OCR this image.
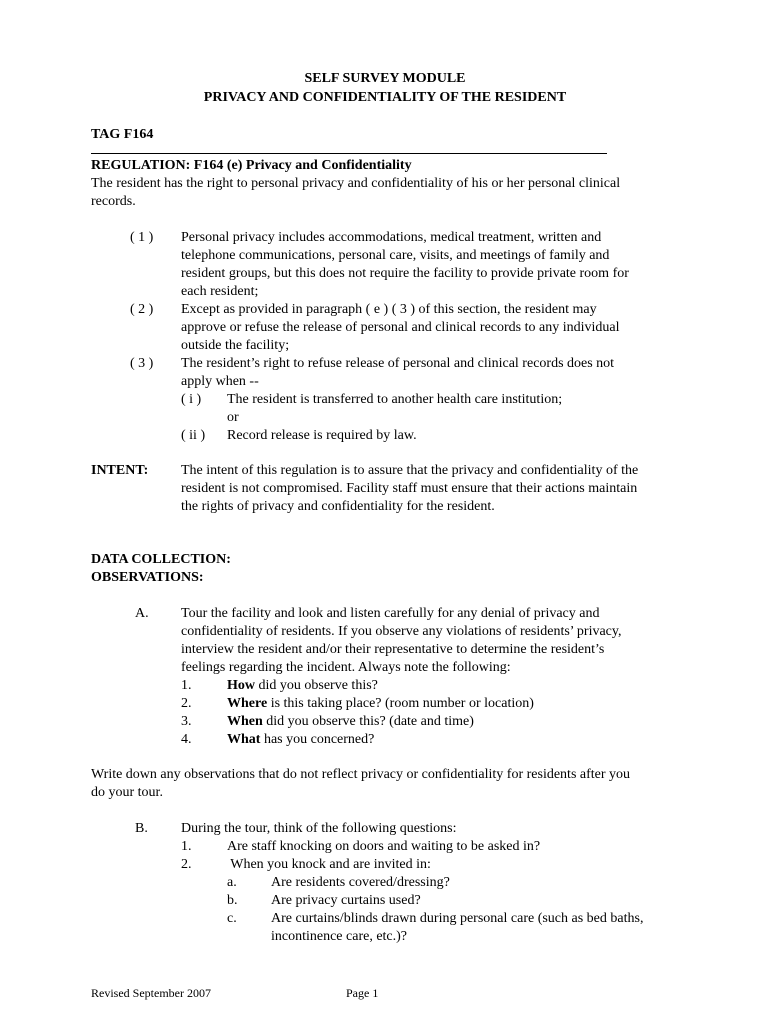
SELF SURVEY MODULE
PRIVACY AND CONFIDENTIALITY OF THE RESIDENT
TAG F164
REGULATION: F164 (e) Privacy and Confidentiality
The resident has the right to personal privacy and confidentiality of his or her personal clinical
records.
( 1 ) Personal privacy includes accommodations, medical treatment, written and
telephone communications, personal care, visits, and meetings of family and
resident groups, but this does not require the facility to provide private room for
each resident;
( 2 ) Except as provided in paragraph ( e ) ( 3 ) of this section, the resident may
approve or refuse the release of personal and clinical records to any individual
outside the facility;
( 3 ) The resident’s right to refuse release of personal and clinical records does not
apply when --
( i ) The resident is transferred to another health care institution;
or
( ii ) Record release is required by law.
INTENT: The intent of this regulation is to assure that the privacy and confidentiality of the
resident is not compromised. Facility staff must ensure that their actions maintain
the rights of privacy and confidentiality for the resident.
DATA COLLECTION:
OBSERVATIONS:
A. Tour the facility and look and listen carefully for any denial of privacy and
confidentiality of residents. If you observe any violations of residents’ privacy,
interview the resident and/or their representative to determine the resident’s
feelings regarding the incident. Always note the following:
1.	How did you observe this?
2.	Where is this taking place? (room number or location)
3.	When did you observe this? (date and time)
4.	What has you concerned?
Write down any observations that do not reflect privacy or confidentiality for residents after you
do your tour.
B. During the tour, think of the following questions:
1.	Are staff knocking on doors and waiting to be asked in?
2.	When you knock and are invited in:
a. Are residents covered/dressing?
b. Are privacy curtains used?
c. Are curtains/blinds drawn during personal care (such as bed baths,
incontinence care, etc.)?
Revised September 2007	Page 1
